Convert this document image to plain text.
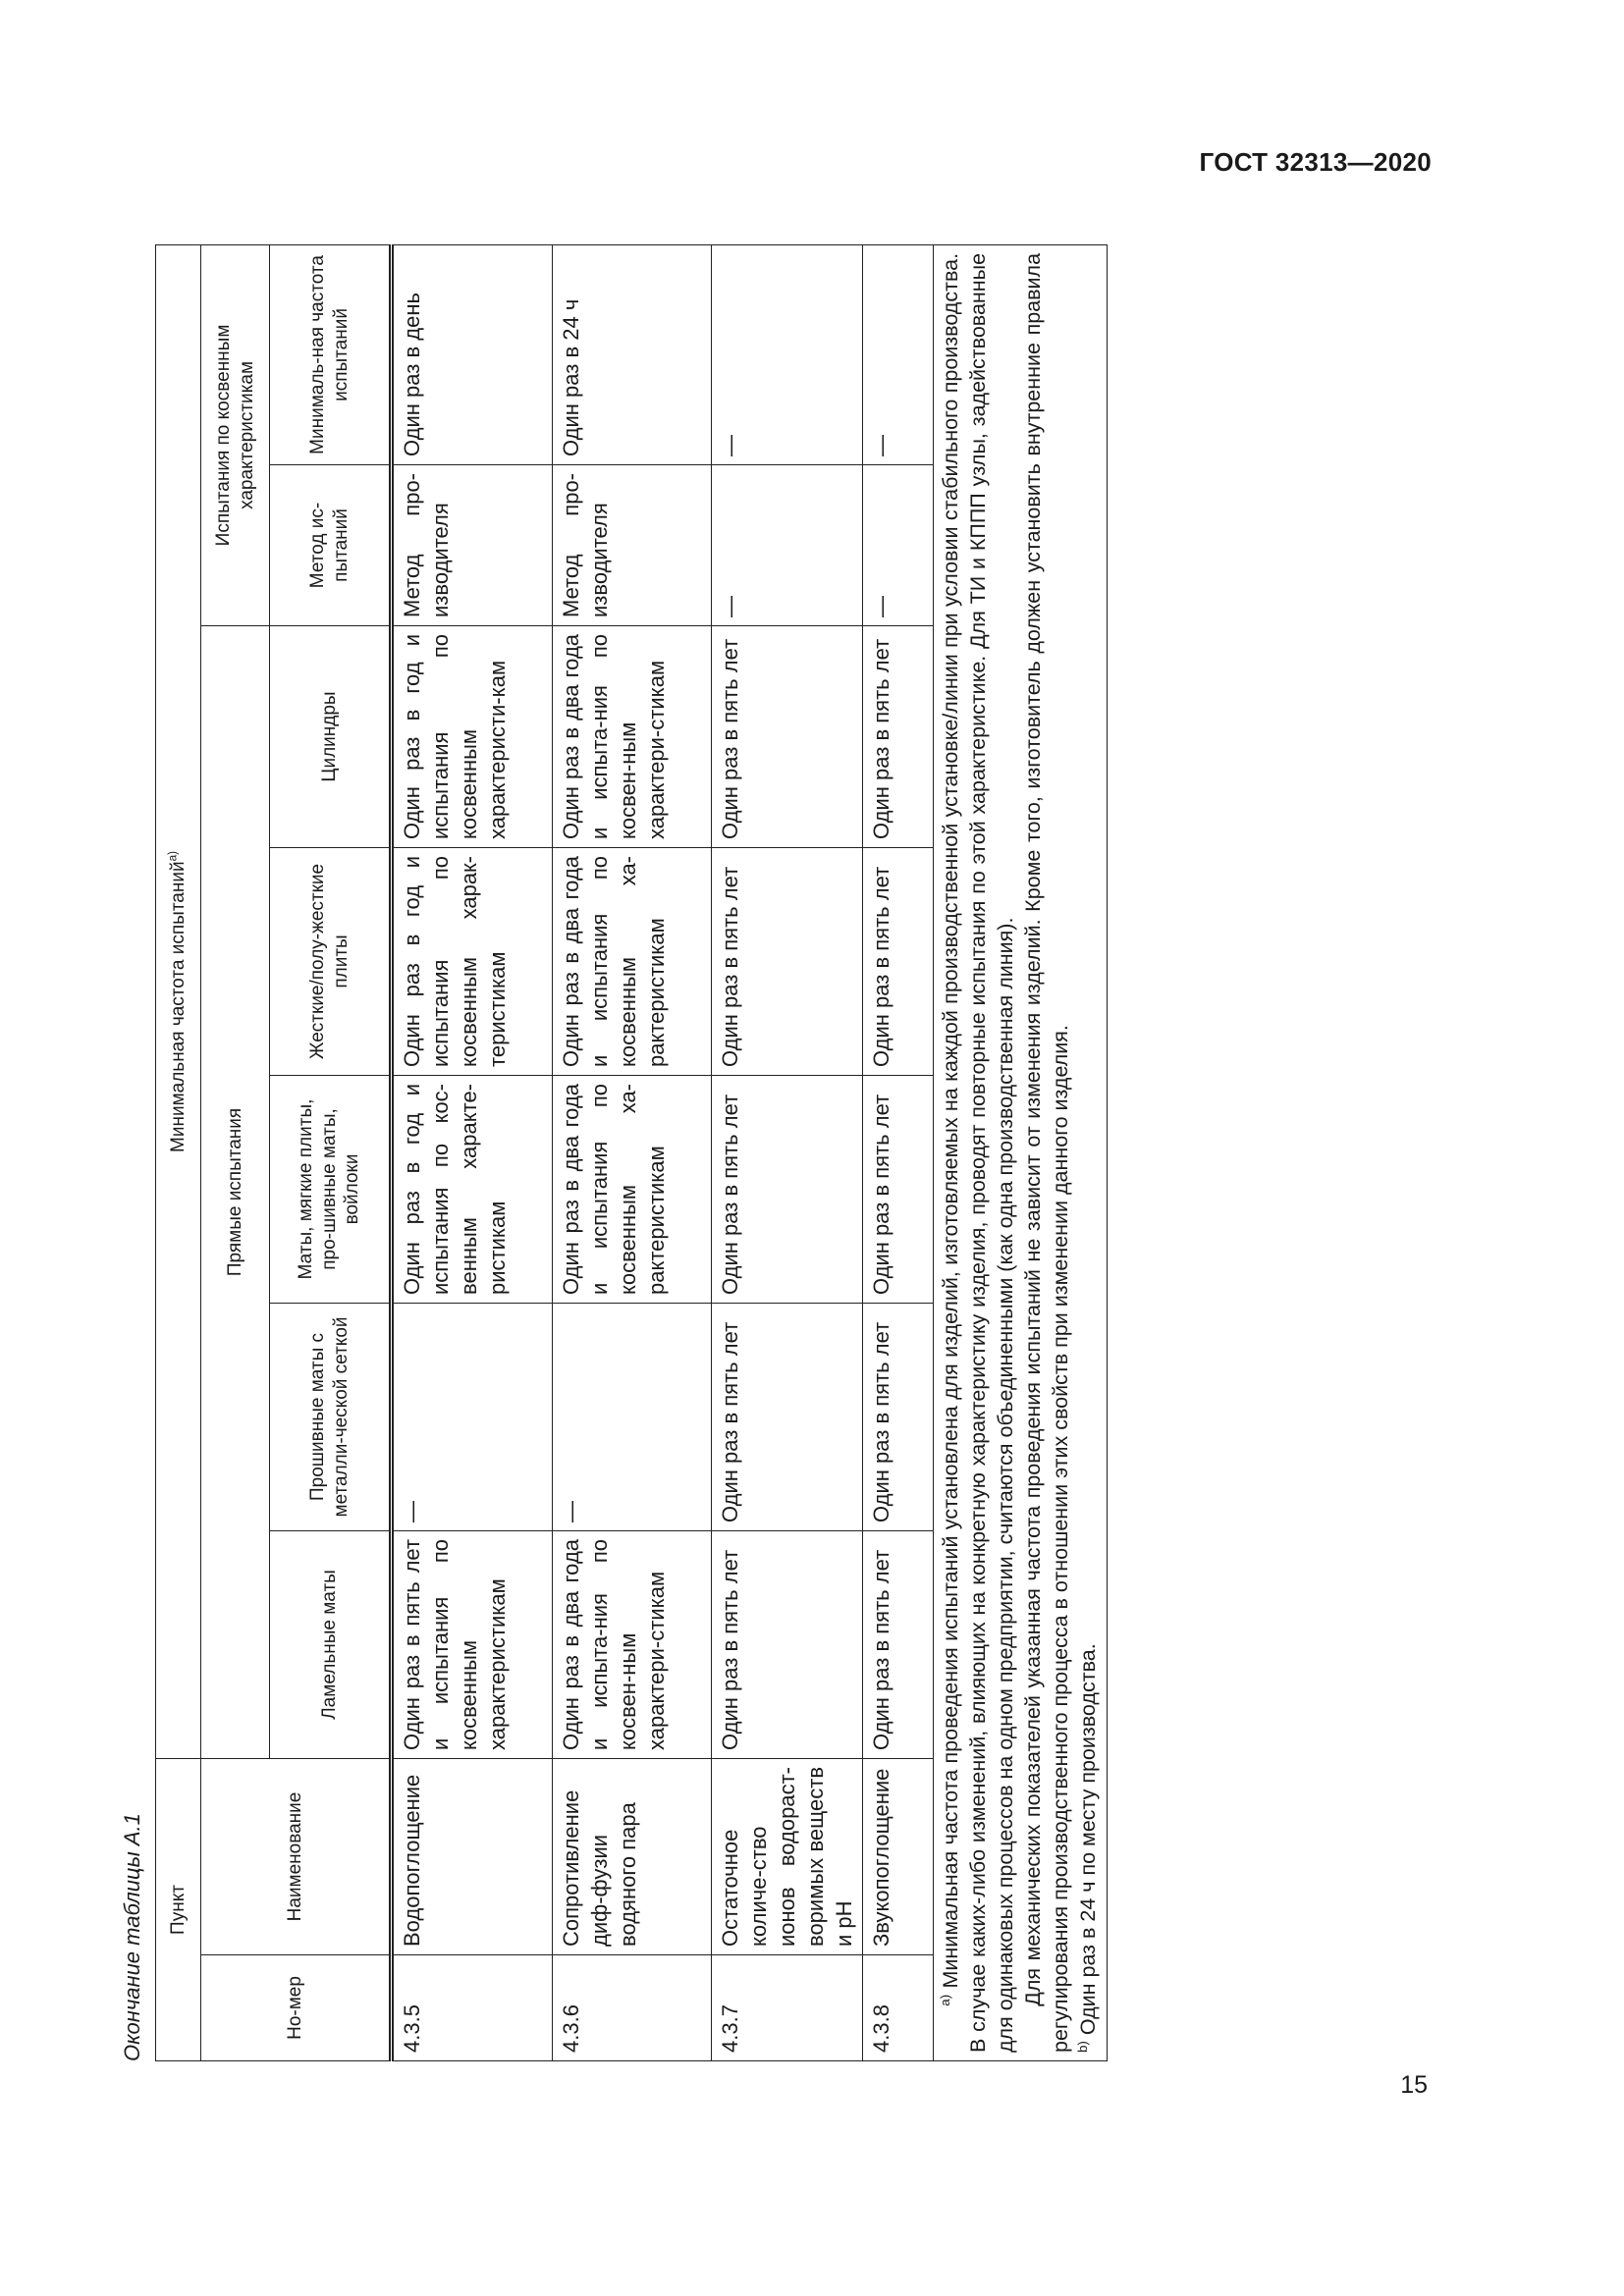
ГОСТ 32313—2020
Окончание таблицы А.1	Пункт		Минимальная частота испытаний$^{a)}$
Но-мер	Наименование	Прямые испытания					Испытания по косвенным характеристикам	
		Ламельные маты	Прошивные маты с металли-ческой сеткой	Маты, мягкие плиты, про-шивные маты, войлоки	Жесткие/полу-жесткие плиты	Цилиндры	Метод ис-пытаний	Минималь-ная частота испытаний
4.3.5	Водопоглощение	Один раз в пять лет и испытания по косвенным характеристикам	—	Один раз в год и испытания по кос-венным характе-ристикам	Один раз в год и испытания по косвенным харак-теристикам	Один раз в год и испытания по косвенным характеристи-кам	Метод про-изводителя	Один раз в день
4.3.6	Сопротивление диф-фузии водяного пара	Один раз в два года и испыта-ния по косвен-ным характери-стикам	—	Один раз в два года и испытания по косвенным ха-рактеристикам	Один раз в два года и испытания по косвенным ха-рактеристикам	Один раз в два года и испыта-ния по косвен-ным характери-стикам	Метод про-изводителя	Один раз в 24 ч
4.3.7	Остаточное количе-ство ионов водораст-воримых веществ и pH	Один раз в пять лет	Один раз в пять лет	Один раз в пять лет	Один раз в пять лет	Один раз в пять лет	—	—
4.3.8	Звукопоглощение	Один раз в пять лет	Один раз в пять лет	Один раз в пять лет	Один раз в пять лет	Один раз в пять лет	—	—

$^{a)}$ Минимальная частота проведения испытаний установлена для изделий, изготовляемых на каждой производственной установке/линии при условии стабильного производства. В случае каких-либо изменений, влияющих на конкретную характеристику изделия, проводят повторные испытания по этой характеристике. Для ТИ и КППП узлы, задействованные для одинаковых процессов на одном предприятии, считаются объединенными (как одна производственная линия). Для механических показателей указанная частота проведения испытаний не зависит от изменения изделий. Кроме того, изготовитель должен установить внутренние правила регулирования производственного процесса в отношении этих свойств при изменении данного изделия. $^{b)}$ Один раз в 24 ч по месту производства.								

15
